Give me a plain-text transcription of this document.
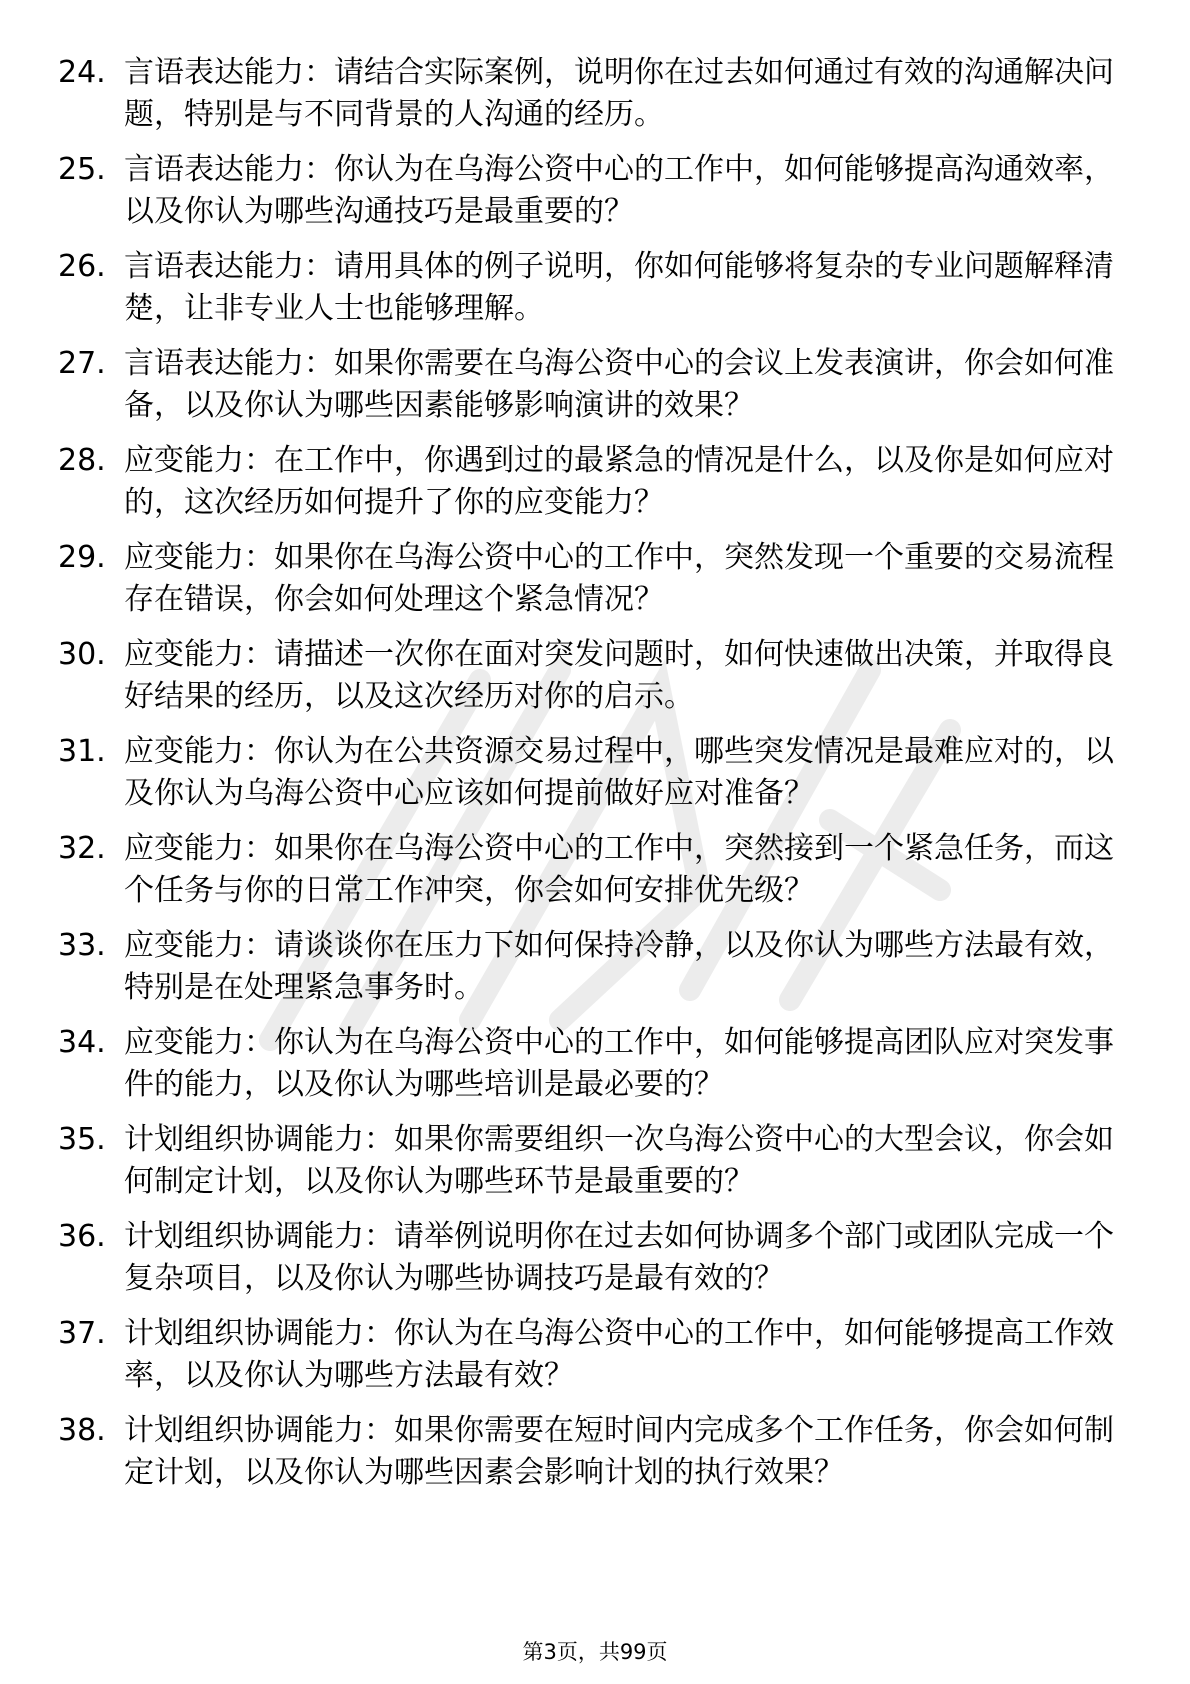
24. 言语表达能力：请结合实际案例，说明你在过去如何通过有效的沟通解决问题，特别是与不同背景的人沟通的经历。
25. 言语表达能力：你认为在乌海公资中心的工作中，如何能够提高沟通效率，以及你认为哪些沟通技巧是最重要的？
26. 言语表达能力：请用具体的例子说明，你如何能够将复杂的专业问题解释清楚，让非专业人士也能够理解。
27. 言语表达能力：如果你需要在乌海公资中心的会议上发表演讲，你会如何准备，以及你认为哪些因素能够影响演讲的效果？
28. 应变能力：在工作中，你遇到过的最紧急的情况是什么，以及你是如何应对的，这次经历如何提升了你的应变能力？
29. 应变能力：如果你在乌海公资中心的工作中，突然发现一个重要的交易流程存在错误，你会如何处理这个紧急情况？
30. 应变能力：请描述一次你在面对突发问题时，如何快速做出决策，并取得良好结果的经历，以及这次经历对你的启示。
31. 应变能力：你认为在公共资源交易过程中，哪些突发情况是最难应对的，以及你认为乌海公资中心应该如何提前做好应对准备？
32. 应变能力：如果你在乌海公资中心的工作中，突然接到一个紧急任务，而这个任务与你的日常工作冲突，你会如何安排优先级？
33. 应变能力：请谈谈你在压力下如何保持冷静，以及你认为哪些方法最有效，特别是在处理紧急事务时。
34. 应变能力：你认为在乌海公资中心的工作中，如何能够提高团队应对突发事件的能力，以及你认为哪些培训是最必要的？
35. 计划组织协调能力：如果你需要组织一次乌海公资中心的大型会议，你会如何制定计划，以及你认为哪些环节是最重要的？
36. 计划组织协调能力：请举例说明你在过去如何协调多个部门或团队完成一个复杂项目，以及你认为哪些协调技巧是最有效的？
37. 计划组织协调能力：你认为在乌海公资中心的工作中，如何能够提高工作效率，以及你认为哪些方法最有效？
38. 计划组织协调能力：如果你需要在短时间内完成多个工作任务，你会如何制定计划，以及你认为哪些因素会影响计划的执行效果？
第3页，共99页
